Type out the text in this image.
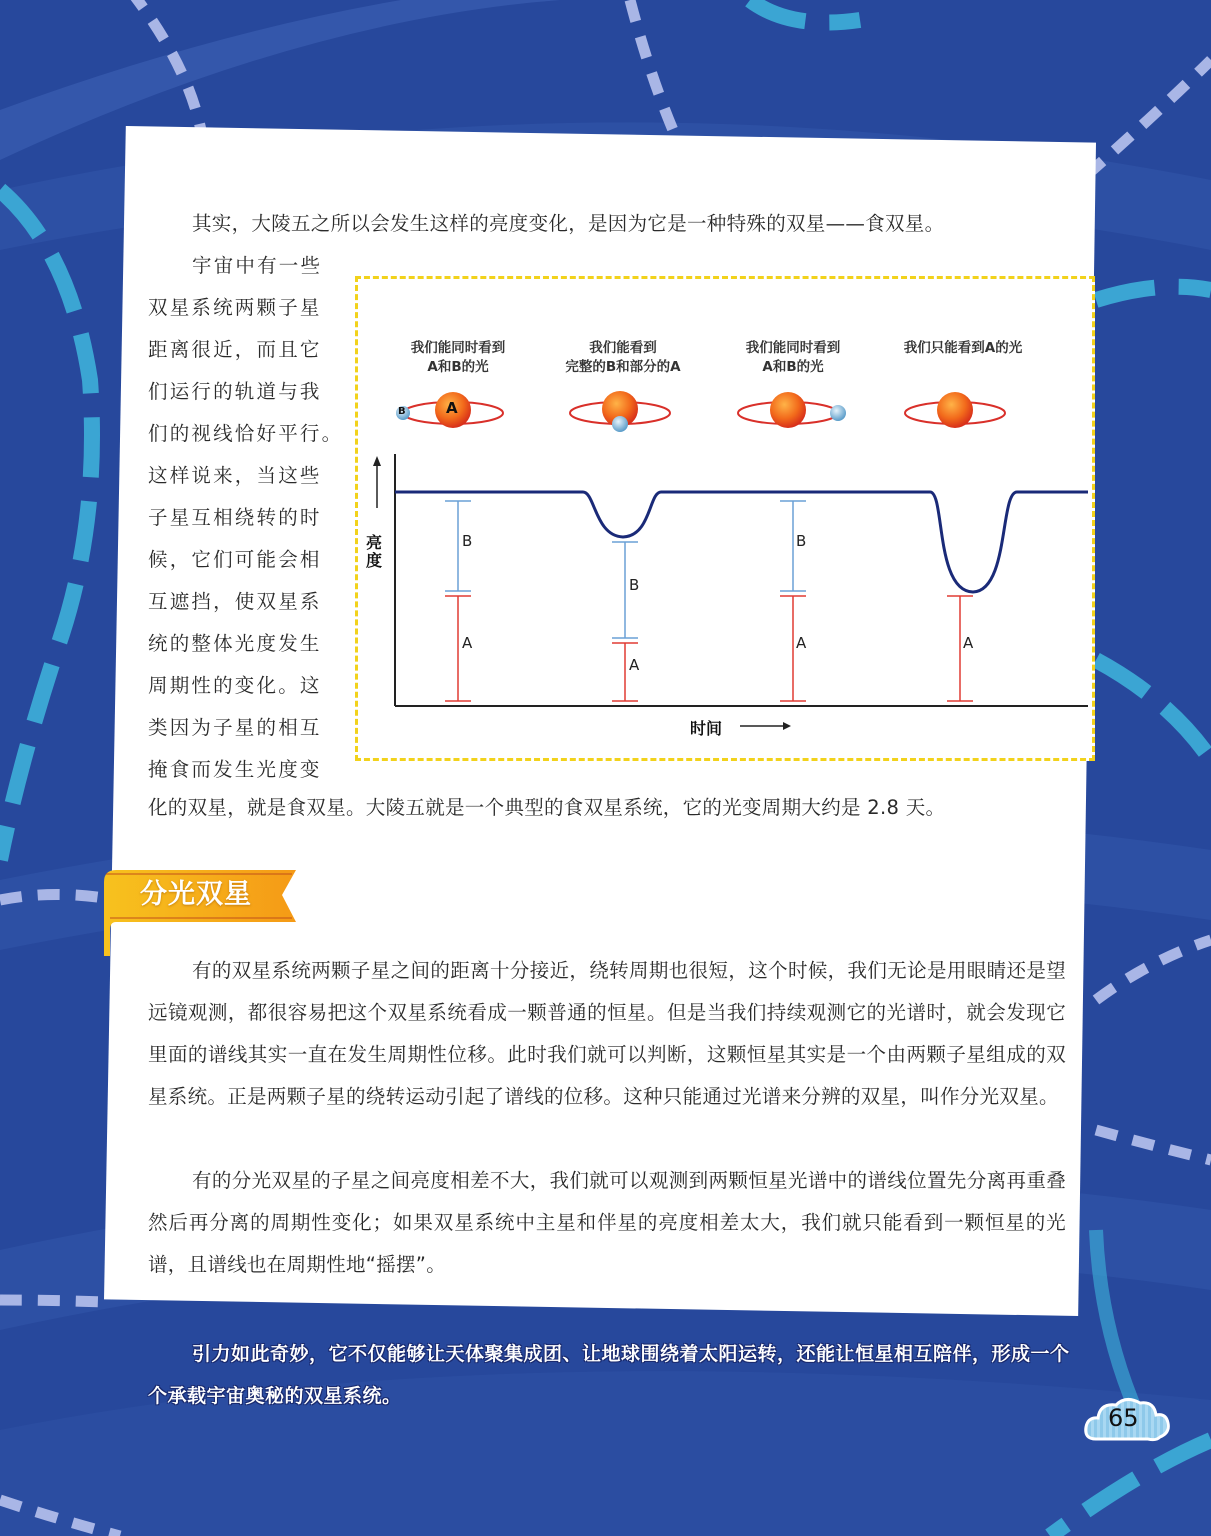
其实，大陵五之所以会发生这样的亮度变化，是因为它是一种特殊的双星——食双星。
宇宙中有一些
双星系统两颗子星
距离很近，而且它
们运行的轨道与我
们的视线恰好平行。
这样说来，当这些
子星互相绕转的时
候，它们可能会相
互遮挡，使双星系
统的整体光度发生
周期性的变化。这
类因为子星的相互
掩食而发生光度变
我们能同时看到
A和B的光
我们能看到
完整的B和部分的A
我们能同时看到
A和B的光
我们只能看到A的光
A
B
亮度
时间
B
A
B
A
B
A	A
化的双星，就是食双星。大陵五就是一个典型的食双星系统，它的光变周期大约是 2.8 天。
分光双星
有的双星系统两颗子星之间的距离十分接近，绕转周期也很短，这个时候，我们无论是用眼睛还是望远镜观测，都很容易把这个双星系统看成一颗普通的恒星。但是当我们持续观测它的光谱时，就会发现它里面的谱线其实一直在发生周期性位移。此时我们就可以判断，这颗恒星其实是一个由两颗子星组成的双星系统。正是两颗子星的绕转运动引起了谱线的位移。这种只能通过光谱来分辨的双星，叫作分光双星。
有的分光双星的子星之间亮度相差不大，我们就可以观测到两颗恒星光谱中的谱线位置先分离再重叠然后再分离的周期性变化；如果双星系统中主星和伴星的亮度相差太大，我们就只能看到一颗恒星的光谱，且谱线也在周期性地“摇摆”。
引力如此奇妙，它不仅能够让天体聚集成团、让地球围绕着太阳运转，还能让恒星相互陪伴，形成一个个承载宇宙奥秘的双星系统。
65
